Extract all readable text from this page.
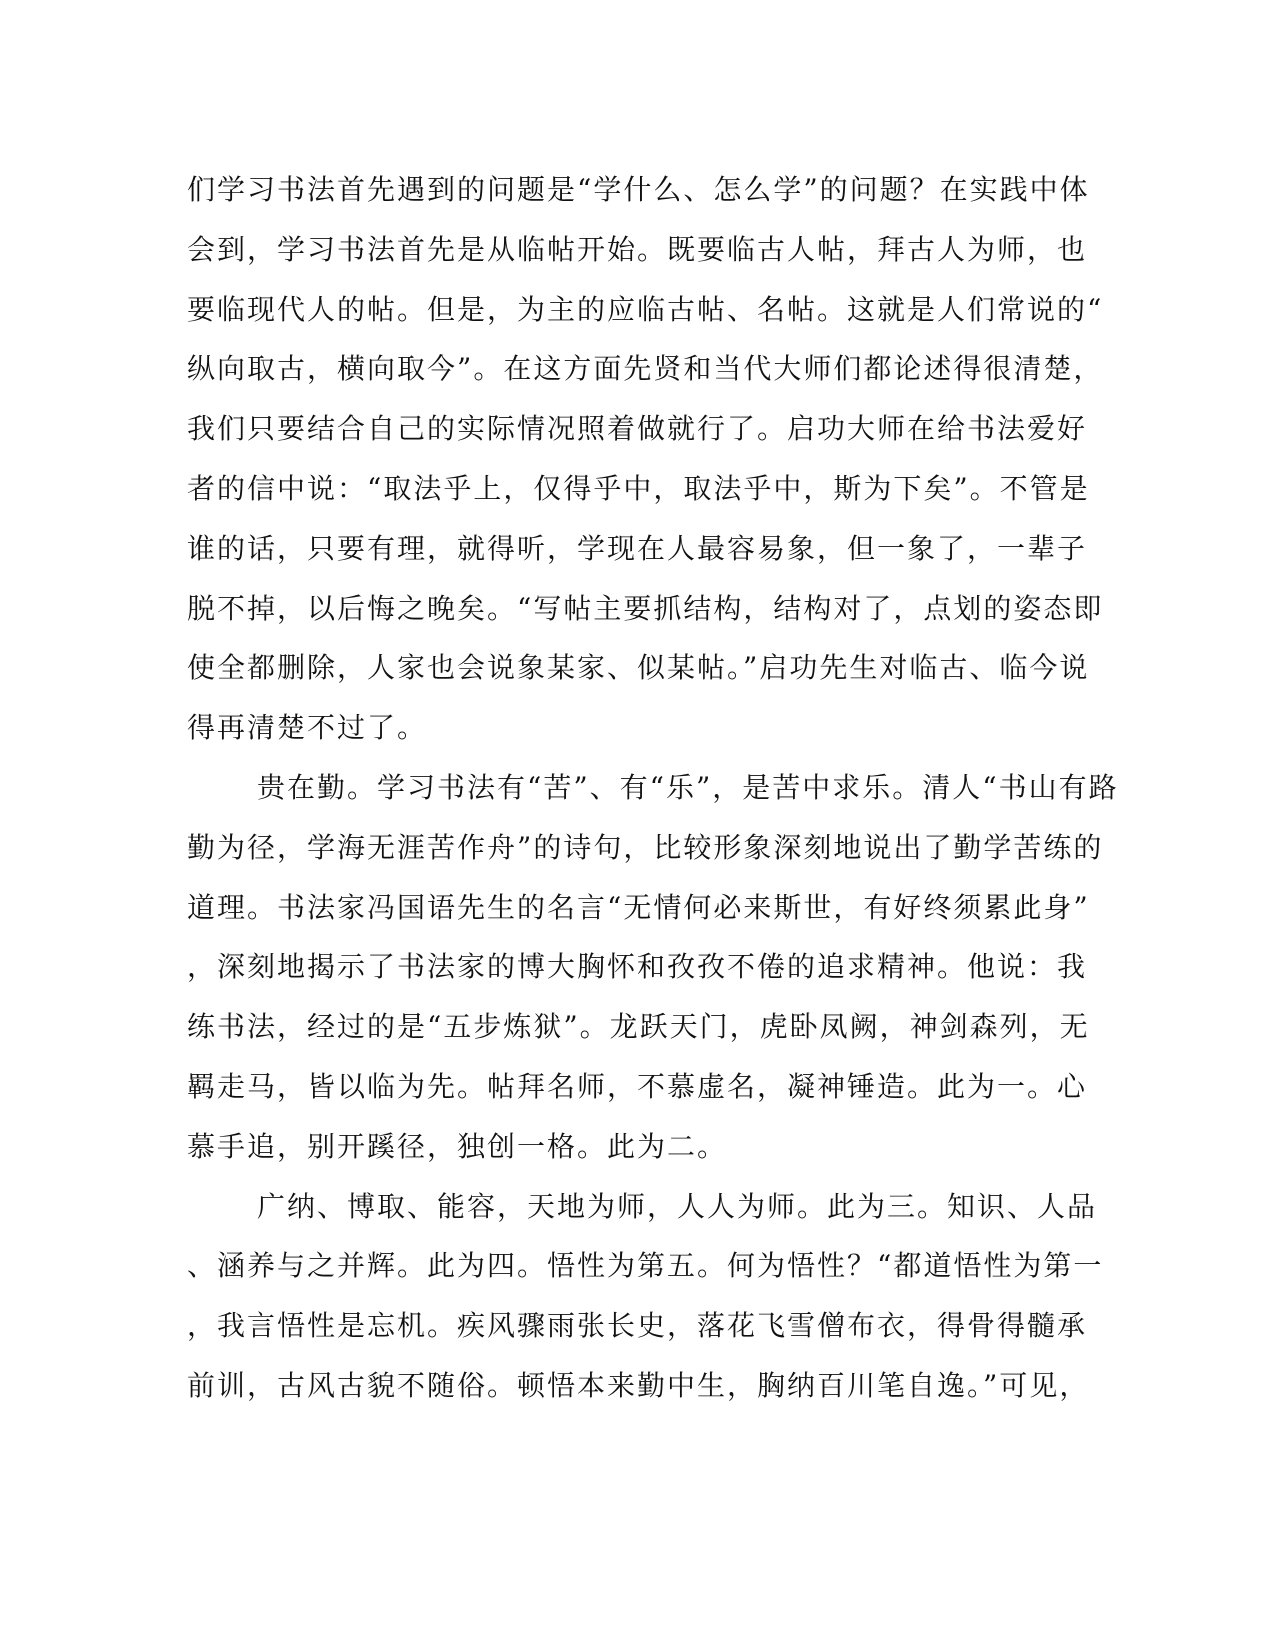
们学习书法首先遇到的问题是“学什么、怎么学”的问题？在实践中体
会到，学习书法首先是从临帖开始。既要临古人帖，拜古人为师，也
要临现代人的帖。但是，为主的应临古帖、名帖。这就是人们常说的“
纵向取古，横向取今”。在这方面先贤和当代大师们都论述得很清楚，
我们只要结合自己的实际情况照着做就行了。启功大师在给书法爱好
者的信中说：“取法乎上，仅得乎中，取法乎中，斯为下矣”。不管是
谁的话，只要有理，就得听，学现在人最容易象，但一象了，一辈子
脱不掉，以后悔之晚矣。“写帖主要抓结构，结构对了，点划的姿态即
使全都删除，人家也会说象某家、似某帖。”启功先生对临古、临今说
得再清楚不过了。
贵在勤。学习书法有“苦”、有“乐”，是苦中求乐。清人“书山有路
勤为径，学海无涯苦作舟”的诗句，比较形象深刻地说出了勤学苦练的
道理。书法家冯国语先生的名言“无情何必来斯世，有好终须累此身”
，深刻地揭示了书法家的博大胸怀和孜孜不倦的追求精神。他说：我
练书法，经过的是“五步炼狱”。龙跃天门，虎卧凤阙，神剑森列，无
羁走马，皆以临为先。帖拜名师，不慕虚名，凝神锤造。此为一。心
慕手追，别开蹊径，独创一格。此为二。
广纳、博取、能容，天地为师，人人为师。此为三。知识、人品
、涵养与之并辉。此为四。悟性为第五。何为悟性？“都道悟性为第一
，我言悟性是忘机。疾风骤雨张长史，落花飞雪僧布衣，得骨得髓承
前训，古风古貌不随俗。顿悟本来勤中生，胸纳百川笔自逸。”可见，
